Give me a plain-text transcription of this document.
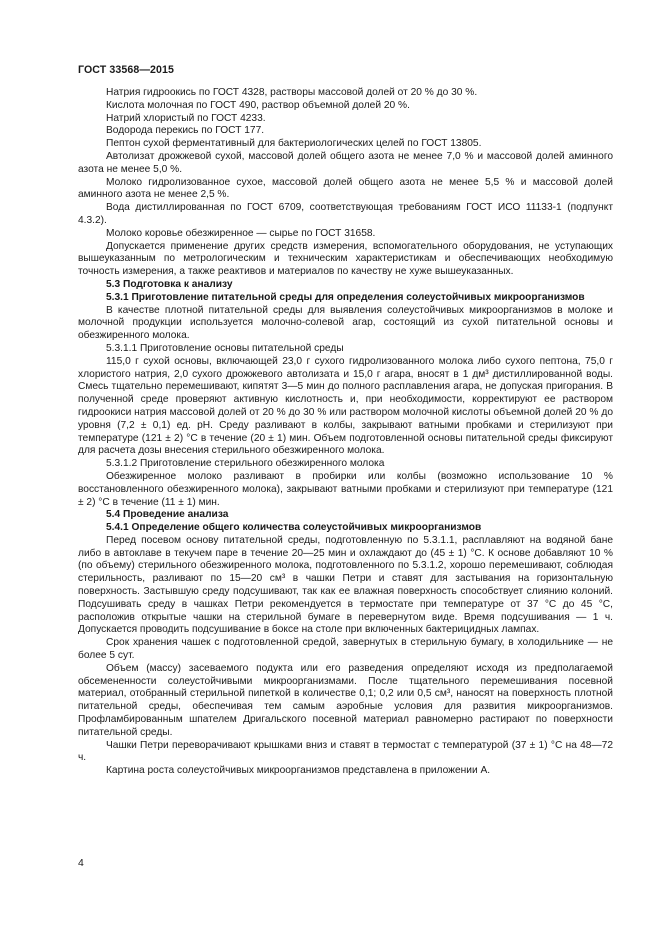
ГОСТ 33568—2015
Натрия гидроокись по ГОСТ 4328, растворы массовой долей от 20 % до 30 %.
Кислота молочная по ГОСТ 490, раствор объемной долей 20 %.
Натрий хлористый по ГОСТ 4233.
Водорода перекись по ГОСТ 177.
Пептон сухой ферментативный для бактериологических целей по ГОСТ 13805.
Автолизат дрожжевой сухой, массовой долей общего азота не менее 7,0 % и массовой долей аминного азота не менее 5,0 %.
Молоко гидролизованное сухое, массовой долей общего азота не менее 5,5 % и массовой долей аминного азота не менее 2,5 %.
Вода дистиллированная по ГОСТ 6709, соответствующая требованиям ГОСТ ИСО 11133-1 (подпункт 4.3.2).
Молоко коровье обезжиренное — сырье по ГОСТ 31658.
Допускается применение других средств измерения, вспомогательного оборудования, не уступающих вышеуказанным по метрологическим и техническим характеристикам и обеспечивающих необходимую точность измерения, а также реактивов и материалов по качеству не хуже вышеуказанных.
5.3 Подготовка к анализу
5.3.1 Приготовление питательной среды для определения солеустойчивых микроорганизмов
В качестве плотной питательной среды для выявления солеустойчивых микроорганизмов в молоке и молочной продукции используется молочно-солевой агар, состоящий из сухой питательной основы и обезжиренного молока.
5.3.1.1 Приготовление основы питательной среды
115,0 г сухой основы, включающей 23,0 г сухого гидролизованного молока либо сухого пептона, 75,0 г хлористого натрия, 2,0 сухого дрожжевого автолизата и 15,0 г агара, вносят в 1 дм³ дистиллированной воды. Смесь тщательно перемешивают, кипятят 3—5 мин до полного расплавления агара, не допуская пригорания. В полученной среде проверяют активную кислотность и, при необходимости, корректируют ее раствором гидроокиси натрия массовой долей от 20 % до 30 % или раствором молочной кислоты объемной долей 20 % до уровня (7,2 ± 0,1) ед. рН. Среду разливают в колбы, закрывают ватными пробками и стерилизуют при температуре (121 ± 2) °С в течение (20 ± 1) мин. Объем подготовленной основы питательной среды фиксируют для расчета дозы внесения стерильного обезжиренного молока.
5.3.1.2 Приготовление стерильного обезжиренного молока
Обезжиренное молоко разливают в пробирки или колбы (возможно использование 10 % восстановленного обезжиренного молока), закрывают ватными пробками и стерилизуют при температуре (121 ± 2) °С в течение (11 ± 1) мин.
5.4 Проведение анализа
5.4.1 Определение общего количества солеустойчивых микроорганизмов
Перед посевом основу питательной среды, подготовленную по 5.3.1.1, расплавляют на водяной бане либо в автоклаве в текучем паре в течение 20—25 мин и охлаждают до (45 ± 1) °С. К основе добавляют 10 % (по объему) стерильного обезжиренного молока, подготовленного по 5.3.1.2, хорошо перемешивают, соблюдая стерильность, разливают по 15—20 см³ в чашки Петри и ставят для застывания на горизонтальную поверхность. Застывшую среду подсушивают, так как ее влажная поверхность способствует слиянию колоний. Подсушивать среду в чашках Петри рекомендуется в термостате при температуре от 37 °С до 45 °С, расположив открытые чашки на стерильной бумаге в перевернутом виде. Время подсушивания — 1 ч. Допускается проводить подсушивание в боксе на столе при включенных бактерицидных лампах.
Срок хранения чашек с подготовленной средой, завернутых в стерильную бумагу, в холодильнике — не более 5 сут.
Объем (массу) засеваемого подукта или его разведения определяют исходя из предполагаемой обсемененности солеустойчивыми микроорганизмами. После тщательного перемешивания посевной материал, отобранный стерильной пипеткой в количестве 0,1; 0,2 или 0,5 см³, наносят на поверхность плотной питательной среды, обеспечивая тем самым аэробные условия для развития микроорганизмов. Профламбированным шпателем Дригальского посевной материал равномерно растирают по поверхности питательной среды.
Чашки Петри переворачивают крышками вниз и ставят в термостат с температурой (37 ± 1) °С на 48—72 ч.
Картина роста солеустойчивых микроорганизмов представлена в приложении А.
4
